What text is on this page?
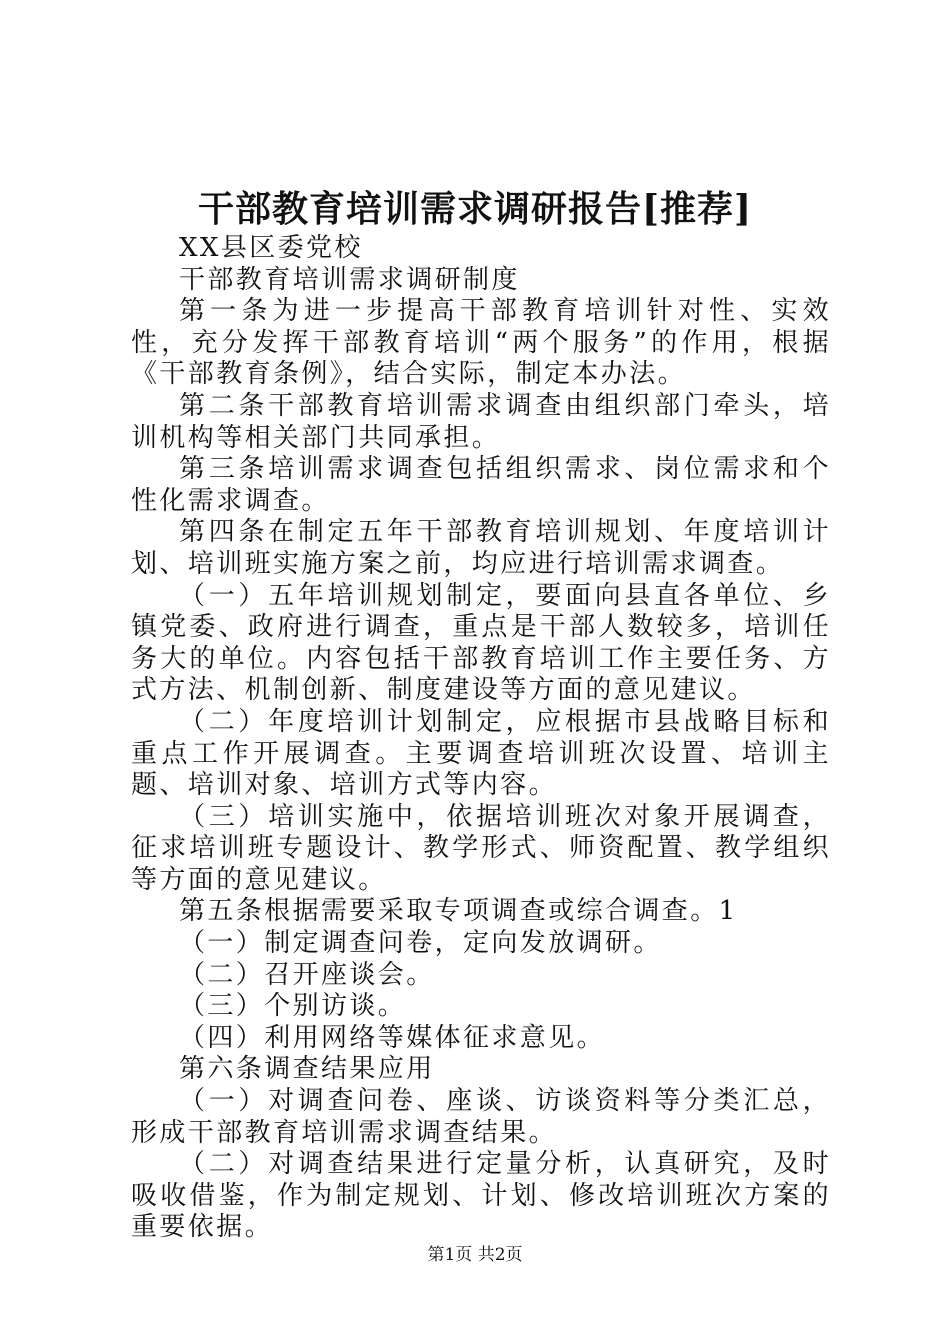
干部教育培训需求调研报告[推荐]

XX县区委党校

干部教育培训需求调研制度

第一条为进一步提高干部教育培训针对性、实效性，充分发挥干部教育培训“两个服务”的作用，根据《干部教育条例》，结合实际，制定本办法。

第二条干部教育培训需求调查由组织部门牵头，培训机构等相关部门共同承担。

第三条培训需求调查包括组织需求、岗位需求和个性化需求调查。

第四条在制定五年干部教育培训规划、年度培训计划、培训班实施方案之前，均应进行培训需求调查。

（一）五年培训规划制定，要面向县直各单位、乡镇党委、政府进行调查，重点是干部人数较多，培训任务大的单位。内容包括干部教育培训工作主要任务、方式方法、机制创新、制度建设等方面的意见建议。

（二）年度培训计划制定，应根据市县战略目标和重点工作开展调查。主要调查培训班次设置、培训主题、培训对象、培训方式等内容。

（三）培训实施中，依据培训班次对象开展调查，征求培训班专题设计、教学形式、师资配置、教学组织等方面的意见建议。

第五条根据需要采取专项调查或综合调查。1

（一）制定调查问卷，定向发放调研。

（二）召开座谈会。

（三）个别访谈。

（四）利用网络等媒体征求意见。

第六条调查结果应用

（一）对调查问卷、座谈、访谈资料等分类汇总，形成干部教育培训需求调查结果。

（二）对调查结果进行定量分析，认真研究，及时吸收借鉴，作为制定规划、计划、修改培训班次方案的重要依据。

第1页 共2页
